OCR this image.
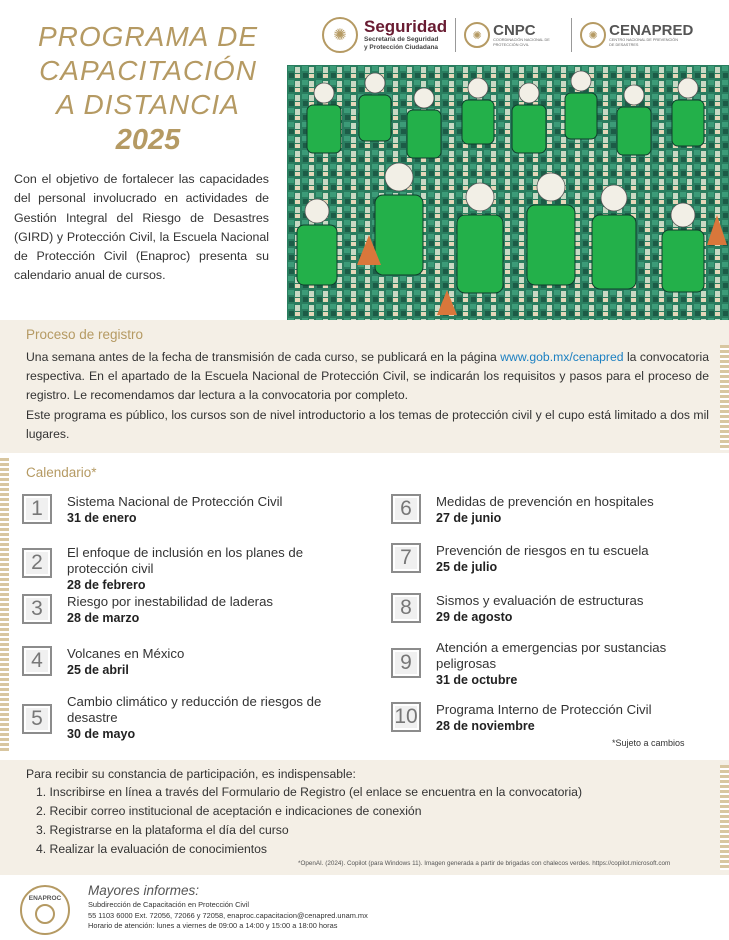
PROGRAMA DE
CAPACITACIÓN
A DISTANCIA
2025
✺	Seguridad
Secretaría de Seguridad
y Protección Ciudadana
✺ CNPC
COORDINACIÓN NACIONAL DE PROTECCIÓN CIVIL
✺ CENAPRED
CENTRO NACIONAL DE PREVENCIÓN DE DESASTRES
Con el objetivo de fortalecer las capacidades del personal involucrado en actividades de Gestión Integral del Riesgo de Desastres (GIRD) y Protección Civil, la Escuela Nacional de Protección Civil (Enaproc) presenta su calendario anual de cursos.
Proceso de registro
Una semana antes de la fecha de transmisión de cada curso, se publicará en la página www.gob.mx/cenapred la convocatoria respectiva. En el apartado de la Escuela Nacional de Protección Civil, se indicarán los requisitos y pasos para el proceso de registro. Le recomendamos dar lectura a la convocatoria por completo.
Este programa es público, los cursos son de nivel introductorio a los temas de protección civil y el cupo está limitado a dos mil lugares.
Calendario*
1	Sistema Nacional de Protección Civil
31 de enero
2	El enfoque de inclusión en los planes de protección civil
28 de febrero
3	Riesgo por inestabilidad de laderas
28 de marzo
4	Volcanes en México
25 de abril
5
Cambio climático y reducción de riesgos de desastre
30 de mayo
6	Medidas de prevención en hospitales
27 de junio
7	Prevención de riesgos en tu escuela
25 de julio
8	Sismos y evaluación de estructuras
29 de agosto
9
Atención a emergencias por sustancias peligrosas
31 de octubre
10 Programa Interno de Protección Civil
28 de noviembre
*Sujeto a cambios
Para recibir su constancia de participación, es indispensable:
1. Inscribirse en línea a través del Formulario de Registro (el enlace se encuentra en la convocatoria)
2. Recibir correo institucional de aceptación e indicaciones de conexión
3. Registrarse en la plataforma el día del curso
4. Realizar la evaluación de conocimientos
*OpenAI. (2024). Copilot (para Windows 11). Imagen generada a partir de brigadas con chalecos verdes. https://copilot.microsoft.com
ENAPROC
Mayores informes:
Subdirección de Capacitación en Protección Civil
55 1103 6000 Ext. 72056, 72066 y 72058, enaproc.capacitacion@cenapred.unam.mx
Horario de atención: lunes a viernes de 09:00 a 14:00 y 15:00 a 18:00 horas
